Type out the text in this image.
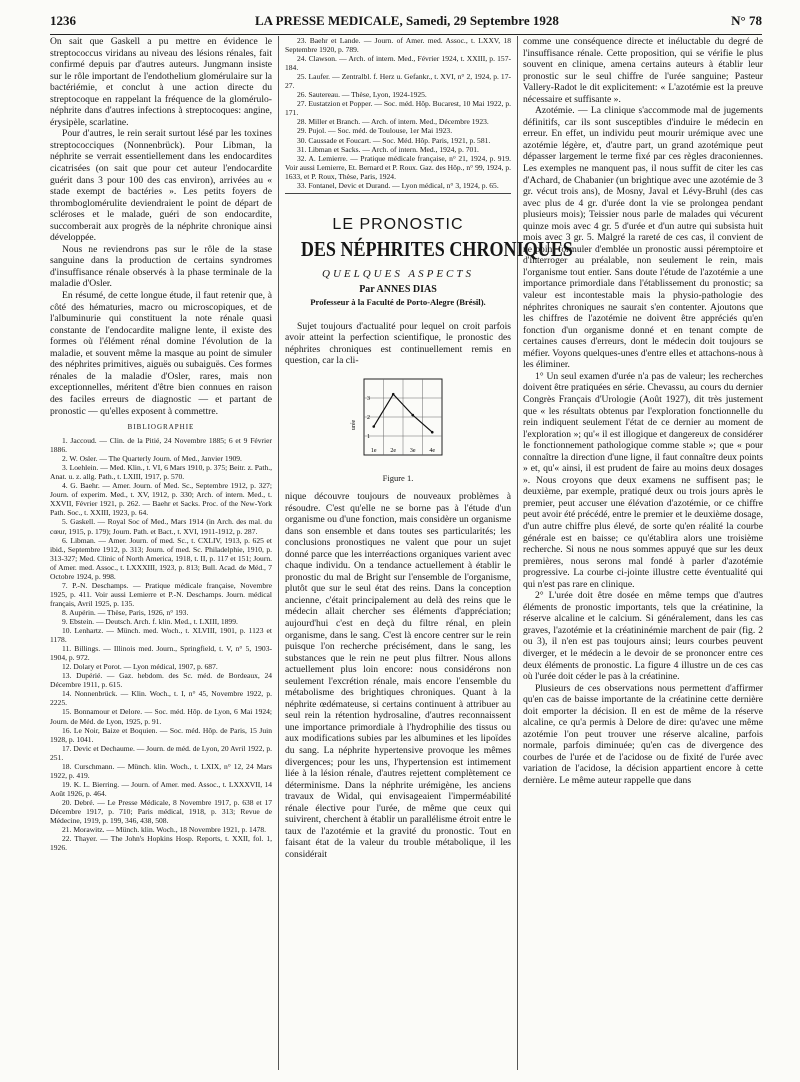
1236	LA PRESSE MEDICALE, Samedi, 29 Septembre 1928	N° 78

On sait que Gaskell a pu mettre en évidence le streptococcus viridans au niveau des lésions rénales, fait confirmé depuis par d'autres auteurs. Jungmann insiste sur le rôle important de l'endothelium glomérulaire sur la bactériémie, et conclut à une action directe du streptocoque en rappelant la fréquence de la glomérulo-néphrite dans d'autres infections à streptocoques: angine, érysipèle, scarlatine.

Pour d'autres, le rein serait surtout lésé par les toxines streptococciques (Nonnenbrück). Pour Libman, la néphrite se verrait essentiellement dans les endocardites cicatrisées (on sait que pour cet auteur l'endocardite guérit dans 3 pour 100 des cas environ), arrivées au « stade exempt de bactéries ». Les petits foyers de thromboglomérulite deviendraient le point de départ de scléroses et le malade, guéri de son endocardite, succomberait aux progrès de la néphrite chronique ainsi développée.

Nous ne reviendrons pas sur le rôle de la stase sanguine dans la production de certains syndromes d'insuffisance rénale observés à la phase terminale de la maladie d'Osler.

En résumé, de cette longue étude, il faut retenir que, à côté des hématuries, macro ou microscopiques, et de l'albuminurie qui constituent la note rénale quasi constante de l'endocardite maligne lente, il existe des formes où l'élément rénal domine l'évolution de la maladie, et souvent même la masque au point de simuler des néphrites primitives, aiguës ou subaiguës. Ces formes rénales de la maladie d'Osler, rares, mais non exceptionnelles, méritent d'être bien connues en raison des faciles erreurs de diagnostic — et partant de pronostic — qu'elles exposent à commettre.

BIBLIOGRAPHIE

1. Jaccoud. — Clin. de la Pitié, 24 Novembre 1885; 6 et 9 Février 1886.

2. W. Osler. — The Quarterly Journ. of Med., Janvier 1909.

3. Loehlein. — Med. Klin., t. VI, 6 Mars 1910, p. 375; Beitr. z. Path., Anat. u. z. allg. Path., t. LXIII, 1917, p. 570.

4. G. Baehr. — Amer. Journ. of Med. Sc., Septembre 1912, p. 327; Journ. of experim. Med., t. XV, 1912, p. 330; Arch. of intern. Med., t. XXVII, Février 1921, p. 262. — Baehr et Sacks. Proc. of the New-York Path. Soc., t. XXIII, 1923, p. 64.

5. Gaskell. — Royal Soc of Med., Mars 1914 (in Arch. des mal. du cœur, 1915, p. 179); Journ. Path. et Bact., t. XVI, 1911-1912, p. 287.

6. Libman. — Amer. Journ. of med. Sc., t. CXLIV, 1913, p. 625 et ibid., Septembre 1912, p. 313; Journ. of med. Sc. Philadelphie, 1910, p. 313-327; Med. Clinic of North America, 1918, t. II, p. 117 et 151; Journ. of Amer. med. Assoc., t. LXXXIII, 1923, p. 813; Bull. Acad. de Méd., 7 Octobre 1924, p. 998.

7. P.-N. Deschamps. — Pratique médicale française, Novembre 1925, p. 411. Voir aussi Lemierre et P.-N. Deschamps. Journ. médical français, Avril 1925, p. 135.

8. Aupérin. — Thèse, Paris, 1926, n° 193.

9. Ebstein. — Deutsch. Arch. f. klin. Med., t. LXIII, 1899.

10. Lenhartz. — Münch. med. Woch., t. XLVIII, 1901, p. 1123 et 1178.

11. Billings. — Illinois med. Journ., Springfield, t. V, n° 5, 1903-1904, p. 972.

12. Dolary et Porot. — Lyon médical, 1907, p. 687.

13. Dupérié. — Gaz. hebdom. des Sc. méd. de Bordeaux, 24 Décembre 1911, p. 615.

14. Nonnenbrück. — Klin. Woch., t. I, n° 45, Novembre 1922, p. 2225.

15. Bonnamour et Delore. — Soc. méd. Hôp. de Lyon, 6 Mai 1924; Journ. de Méd. de Lyon, 1925, p. 91.

16. Le Noir, Baize et Boquien. — Soc. méd. Hôp. de Paris, 15 Juin 1928, p. 1041.

17. Devic et Dechaume. — Journ. de méd. de Lyon, 20 Avril 1922, p. 251.

18. Curschmann. — Münch. klin. Woch., t. LXIX, n° 12, 24 Mars 1922, p. 419.

19. K. L. Bierring. — Journ. of Amer. med. Assoc., t. LXXXVII, 14 Août 1926, p. 464.

20. Debré. — Le Presse Médicale, 8 Novembre 1917, p. 638 et 17 Décembre 1917, p. 710; Paris médical, 1918, p. 313; Revue de Médecine, 1919, p. 199, 346, 438, 508.

21. Morawitz. — Münch. klin. Woch., 18 Novembre 1921, p. 1478.

22. Thayer. — The John's Hopkins Hosp. Reports, t. XXII, fol. 1, 1926.

23. Baehr et Lande. — Journ. of Amer. med. Assoc., t. LXXV, 18 Septembre 1920, p. 789.

24. Clawson. — Arch. of intern. Med., Février 1924, t. XXIII, p. 157-184.

25. Laufer. — Zentralbl. f. Herz u. Gefankr., t. XVI, n° 2, 1924, p. 17-27.

26. Sautereau. — Thèse, Lyon, 1924-1925.

27. Eustatzion et Popper. — Soc. méd. Hôp. Bucarest, 10 Mai 1922, p. 171.

28. Miller et Branch. — Arch. of intern. Med., Décembre 1923.

29. Pujol. — Soc. méd. de Toulouse, 1er Mai 1923.

30. Caussade et Foucart. — Soc. Méd. Hôp. Paris, 1921, p. 581.

31. Libman et Sacks. — Arch. of intern. Med., 1924, p. 701.

32. A. Lemierre. — Pratique médicale française, n° 21, 1924, p. 919. Voir aussi Lemierre, Et. Bernard et P. Roux. Gaz. des Hôp., n° 99, 1924, p. 1633, et P. Roux, Thèse, Paris, 1924.

33. Fontanel, Devic et Durand. — Lyon médical, n° 3, 1924, p. 65.

LE PRONOSTIC
DES NÉPHRITES CHRONIQUES
QUELQUES ASPECTS
Par ANNES DIAS
Professeur à la Faculté de Porto-Alegre (Brésil).

Sujet toujours d'actualité pour lequel on croit parfois avoir atteint la perfection scientifique, le pronostic des néphrites chroniques est continuellement remis en question, car la cli-

urée
1
2
3
1e 2e 3e 4e
Figure 1.

nique découvre toujours de nouveaux problèmes à résoudre. C'est qu'elle ne se borne pas à l'étude d'un organisme ou d'une fonction, mais considère un organisme dans son ensemble et dans toutes ses particularités; les conclusions pronostiques ne valent que pour un sujet donné parce que les interréactions organiques varient avec chaque individu. On a tendance actuellement à établir le pronostic du mal de Bright sur l'ensemble de l'organisme, plutôt que sur le seul état des reins. Dans la conception ancienne, c'était principalement au delà des reins que le médecin allait chercher ses éléments d'appréciation; aujourd'hui c'est en deçà du filtre rénal, en plein organisme, dans le sang. C'est là encore centrer sur le rein puisque l'on recherche précisément, dans le sang, les substances que le rein ne peut plus filtrer. Nous allons actuellement plus loin encore: nous considérons non seulement l'excrétion rénale, mais encore l'ensemble du métabolisme des brightiques chroniques. Quant à la néphrite œdémateuse, si certains continuent à attribuer au seul rein la rétention hydrosaline, d'autres reconnaissent une importance primordiale à l'hydrophilie des tissus ou aux modifications subies par les albumines et les lipoïdes du sang. La néphrite hypertensive provoque les mêmes divergences; pour les uns, l'hypertension est intimement liée à la lésion rénale, d'autres rejettent complètement ce déterminisme. Dans la néphrite urémigène, les anciens travaux de Widal, qui envisageaient l'imperméabilité rénale élective pour l'urée, de même que ceux qui suivirent, cherchent à établir un parallélisme étroit entre le taux de l'azotémie et la gravité du pronostic. Tout en faisant état de la valeur du trouble métabolique, il les considérait

comme une conséquence directe et inéluctable du degré de l'insuffisance rénale. Cette proposition, qui se vérifie le plus souvent en clinique, amena certains auteurs à établir leur pronostic sur le seul chiffre de l'urée sanguine; Pasteur Vallery-Radot le dit explicitement: « L'azotémie est la preuve nécessaire et suffisante ».

Azotémie. — La clinique s'accommode mal de jugements définitifs, car ils sont susceptibles d'induire le médecin en erreur. En effet, un individu peut mourir urémique avec une azotémie légère, et, d'autre part, un grand azotémique peut dépasser largement le terme fixé par ces règles draconiennes. Les exemples ne manquent pas, il nous suffit de citer les cas d'Achard, de Chabanier (un brightique avec une azotémie de 3 gr. vécut trois ans), de Mosny, Javal et Lévy-Bruhl (des cas avec plus de 4 gr. d'urée dont la vie se prolongea pendant plusieurs mois); Teissier nous parle de malades qui vécurent quinze mois avec 4 gr. 5 d'urée et d'un autre qui subsista huit mois avec 3 gr. 5. Malgré la rareté de ces cas, il convient de ne point formuler d'emblée un pronostic aussi péremptoire et d'interroger au préalable, non seulement le rein, mais l'organisme tout entier. Sans doute l'étude de l'azotémie a une importance primordiale dans l'établissement du pronostic; sa valeur est incontestable mais la physio-pathologie des néphrites chroniques ne saurait s'en contenter. Ajoutons que les chiffres de l'azotémie ne doivent être appréciés qu'en fonction d'un organisme donné et en tenant compte de certaines causes d'erreurs, dont le médecin doit toujours se méfier. Voyons quelques-unes d'entre elles et attachons-nous à les éliminer.

1° Un seul examen d'urée n'a pas de valeur; les recherches doivent être pratiquées en série. Chevassu, au cours du dernier Congrès Français d'Urologie (Août 1927), dit très justement que « les résultats obtenus par l'exploration fonctionnelle du rein indiquent seulement l'état de ce dernier au moment de l'exploration »; qu'« il est illogique et dangereux de considérer le fonctionnement pathologique comme stable »; que « pour connaître la direction d'une ligne, il faut connaître deux points » et, qu'« ainsi, il est prudent de faire au moins deux dosages ». Nous croyons que deux examens ne suffisent pas; le deuxième, par exemple, pratiqué deux ou trois jours après le premier, peut accuser une élévation d'azotémie, or ce chiffre peut avoir été précédé, entre le premier et le deuxième dosage, d'un autre chiffre plus élevé, de sorte qu'en réalité la courbe générale est en baisse; ce qu'établira alors une troisième recherche. Si nous ne nous sommes appuyé que sur les deux premières, nous serons mal fondé à parler d'azotémie progressive. La courbe ci-jointe illustre cette éventualité qui qui n'est pas rare en clinique.

2° L'urée doit être dosée en même temps que d'autres éléments de pronostic importants, tels que la créatinine, la réserve alcaline et le calcium. Si généralement, dans les cas graves, l'azotémie et la créatininémie marchent de pair (fig. 2 ou 3), il n'en est pas toujours ainsi; leurs courbes peuvent diverger, et le médecin a le devoir de se prononcer entre ces deux éléments de pronostic. La figure 4 illustre un de ces cas où l'urée doit céder le pas à la créatinine.

Plusieurs de ces observations nous permettent d'affirmer qu'en cas de baisse importante de la créatinine cette dernière doit emporter la décision. Il en est de même de la réserve alcaline, ce qu'a permis à Delore de dire: qu'avec une même azotémie l'on peut trouver une réserve alcaline, parfois normale, parfois diminuée; qu'en cas de divergence des courbes de l'urée et de l'acidose ou de fixité de l'urée avec variation de l'acidose, la décision appartient encore à cette dernière. Le même auteur rappelle que dans
